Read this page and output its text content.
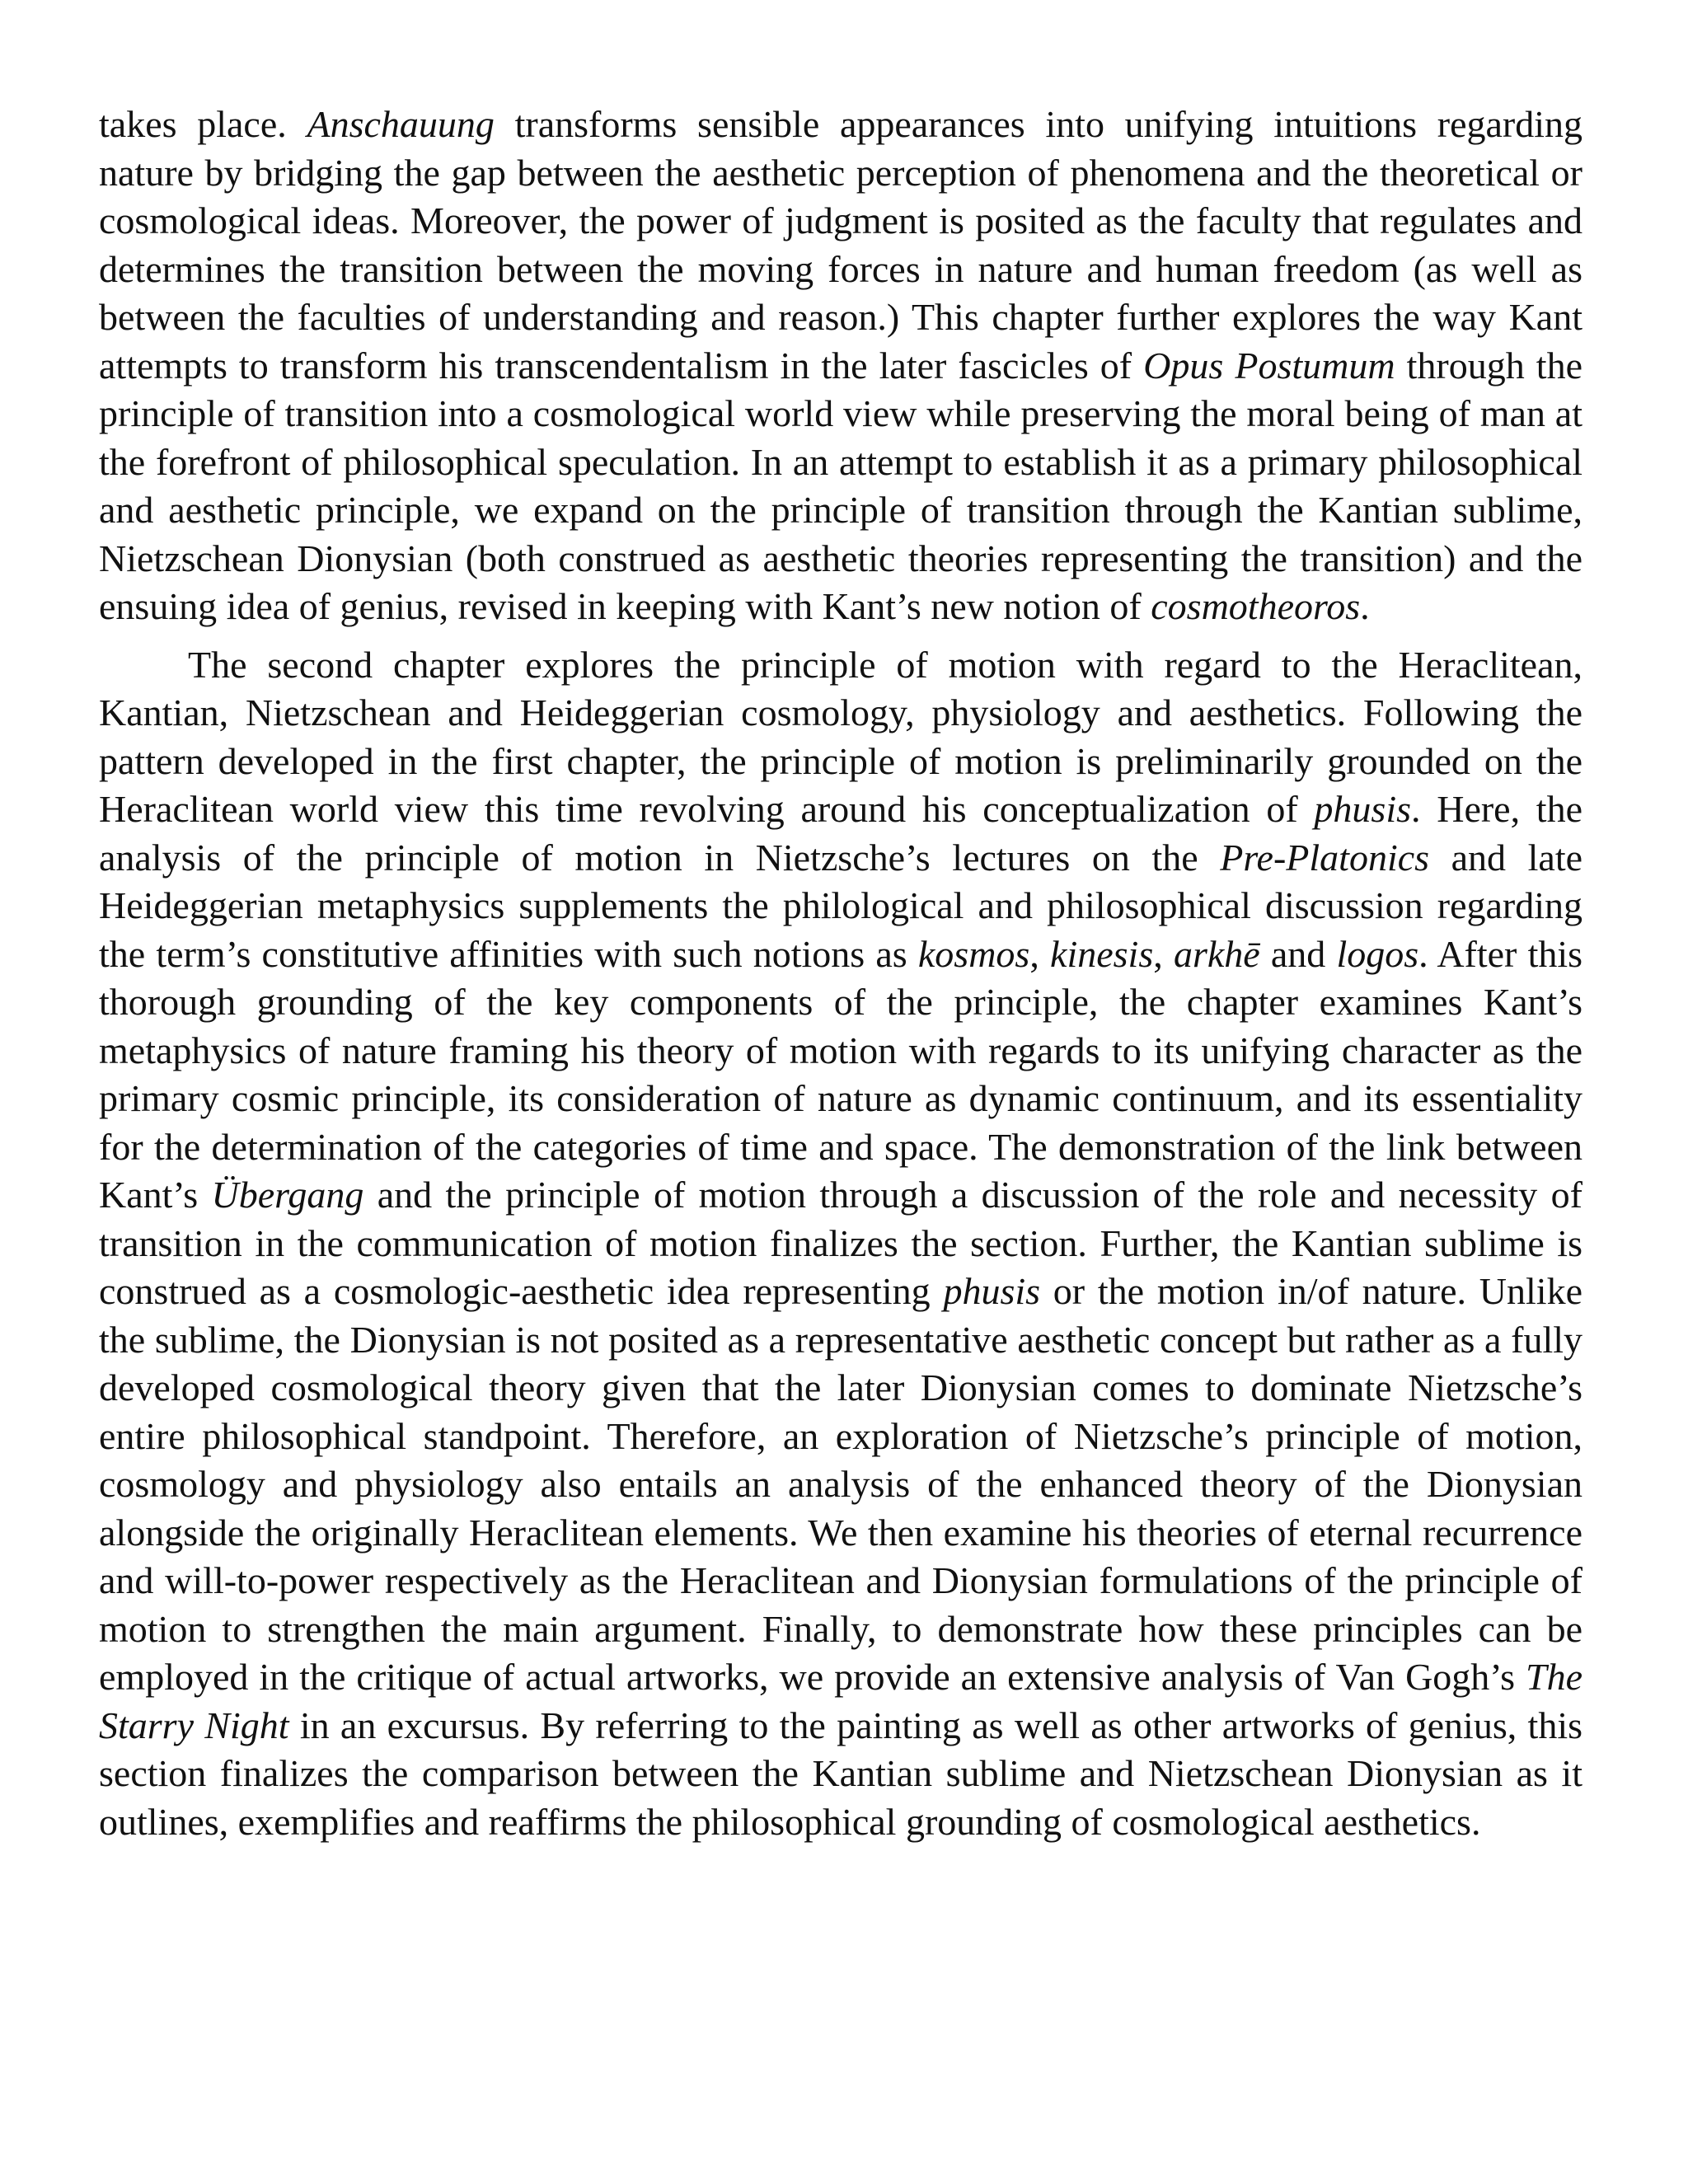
takes place. Anschauung transforms sensible appearances into unifying intuitions regarding nature by bridging the gap between the aesthetic perception of phenomena and the theoretical or cosmological ideas. Moreover, the power of judgment is posited as the faculty that regulates and determines the transition between the moving forces in nature and human freedom (as well as between the faculties of understanding and reason.) This chapter further explores the way Kant attempts to transform his transcendentalism in the later fascicles of Opus Postumum through the principle of transition into a cosmological world view while preserving the moral being of man at the forefront of philosophical speculation. In an attempt to establish it as a primary philosophical and aesthetic principle, we expand on the principle of transition through the Kantian sublime, Nietzschean Dionysian (both construed as aesthetic theories representing the transition) and the ensuing idea of genius, revised in keeping with Kant’s new notion of cosmotheoros.

The second chapter explores the principle of motion with regard to the Heraclitean, Kantian, Nietzschean and Heideggerian cosmology, physiology and aesthetics. Following the pattern developed in the first chapter, the principle of motion is preliminarily grounded on the Heraclitean world view this time revolving around his conceptualization of phusis. Here, the analysis of the principle of motion in Nietzsche’s lectures on the Pre-Platonics and late Heideggerian metaphysics supplements the philological and philosophical discussion regarding the term’s constitutive affinities with such notions as kosmos, kinesis, arkhē and logos. After this thorough grounding of the key components of the principle, the chapter examines Kant’s metaphysics of nature framing his theory of motion with regards to its unifying character as the primary cosmic principle, its consideration of nature as dynamic continuum, and its essentiality for the determination of the categories of time and space. The demonstration of the link between Kant’s Übergang and the principle of motion through a discussion of the role and necessity of transition in the communication of motion finalizes the section. Further, the Kantian sublime is construed as a cosmologic-aesthetic idea representing phusis or the motion in/of nature. Unlike the sublime, the Dionysian is not posited as a representative aesthetic concept but rather as a fully developed cosmological theory given that the later Dionysian comes to dominate Nietzsche’s entire philosophical standpoint. Therefore, an exploration of Nietzsche’s principle of motion, cosmology and physiology also entails an analysis of the enhanced theory of the Dionysian alongside the originally Heraclitean elements. We then examine his theories of eternal recurrence and will-to-power respectively as the Heraclitean and Dionysian formulations of the principle of motion to strengthen the main argument. Finally, to demonstrate how these principles can be employed in the critique of actual artworks, we provide an extensive analysis of Van Gogh’s The Starry Night in an excursus. By referring to the painting as well as other artworks of genius, this section finalizes the comparison between the Kantian sublime and Nietzschean Dionysian as it outlines, exemplifies and reaffirms the philosophical grounding of cosmological aesthetics.
